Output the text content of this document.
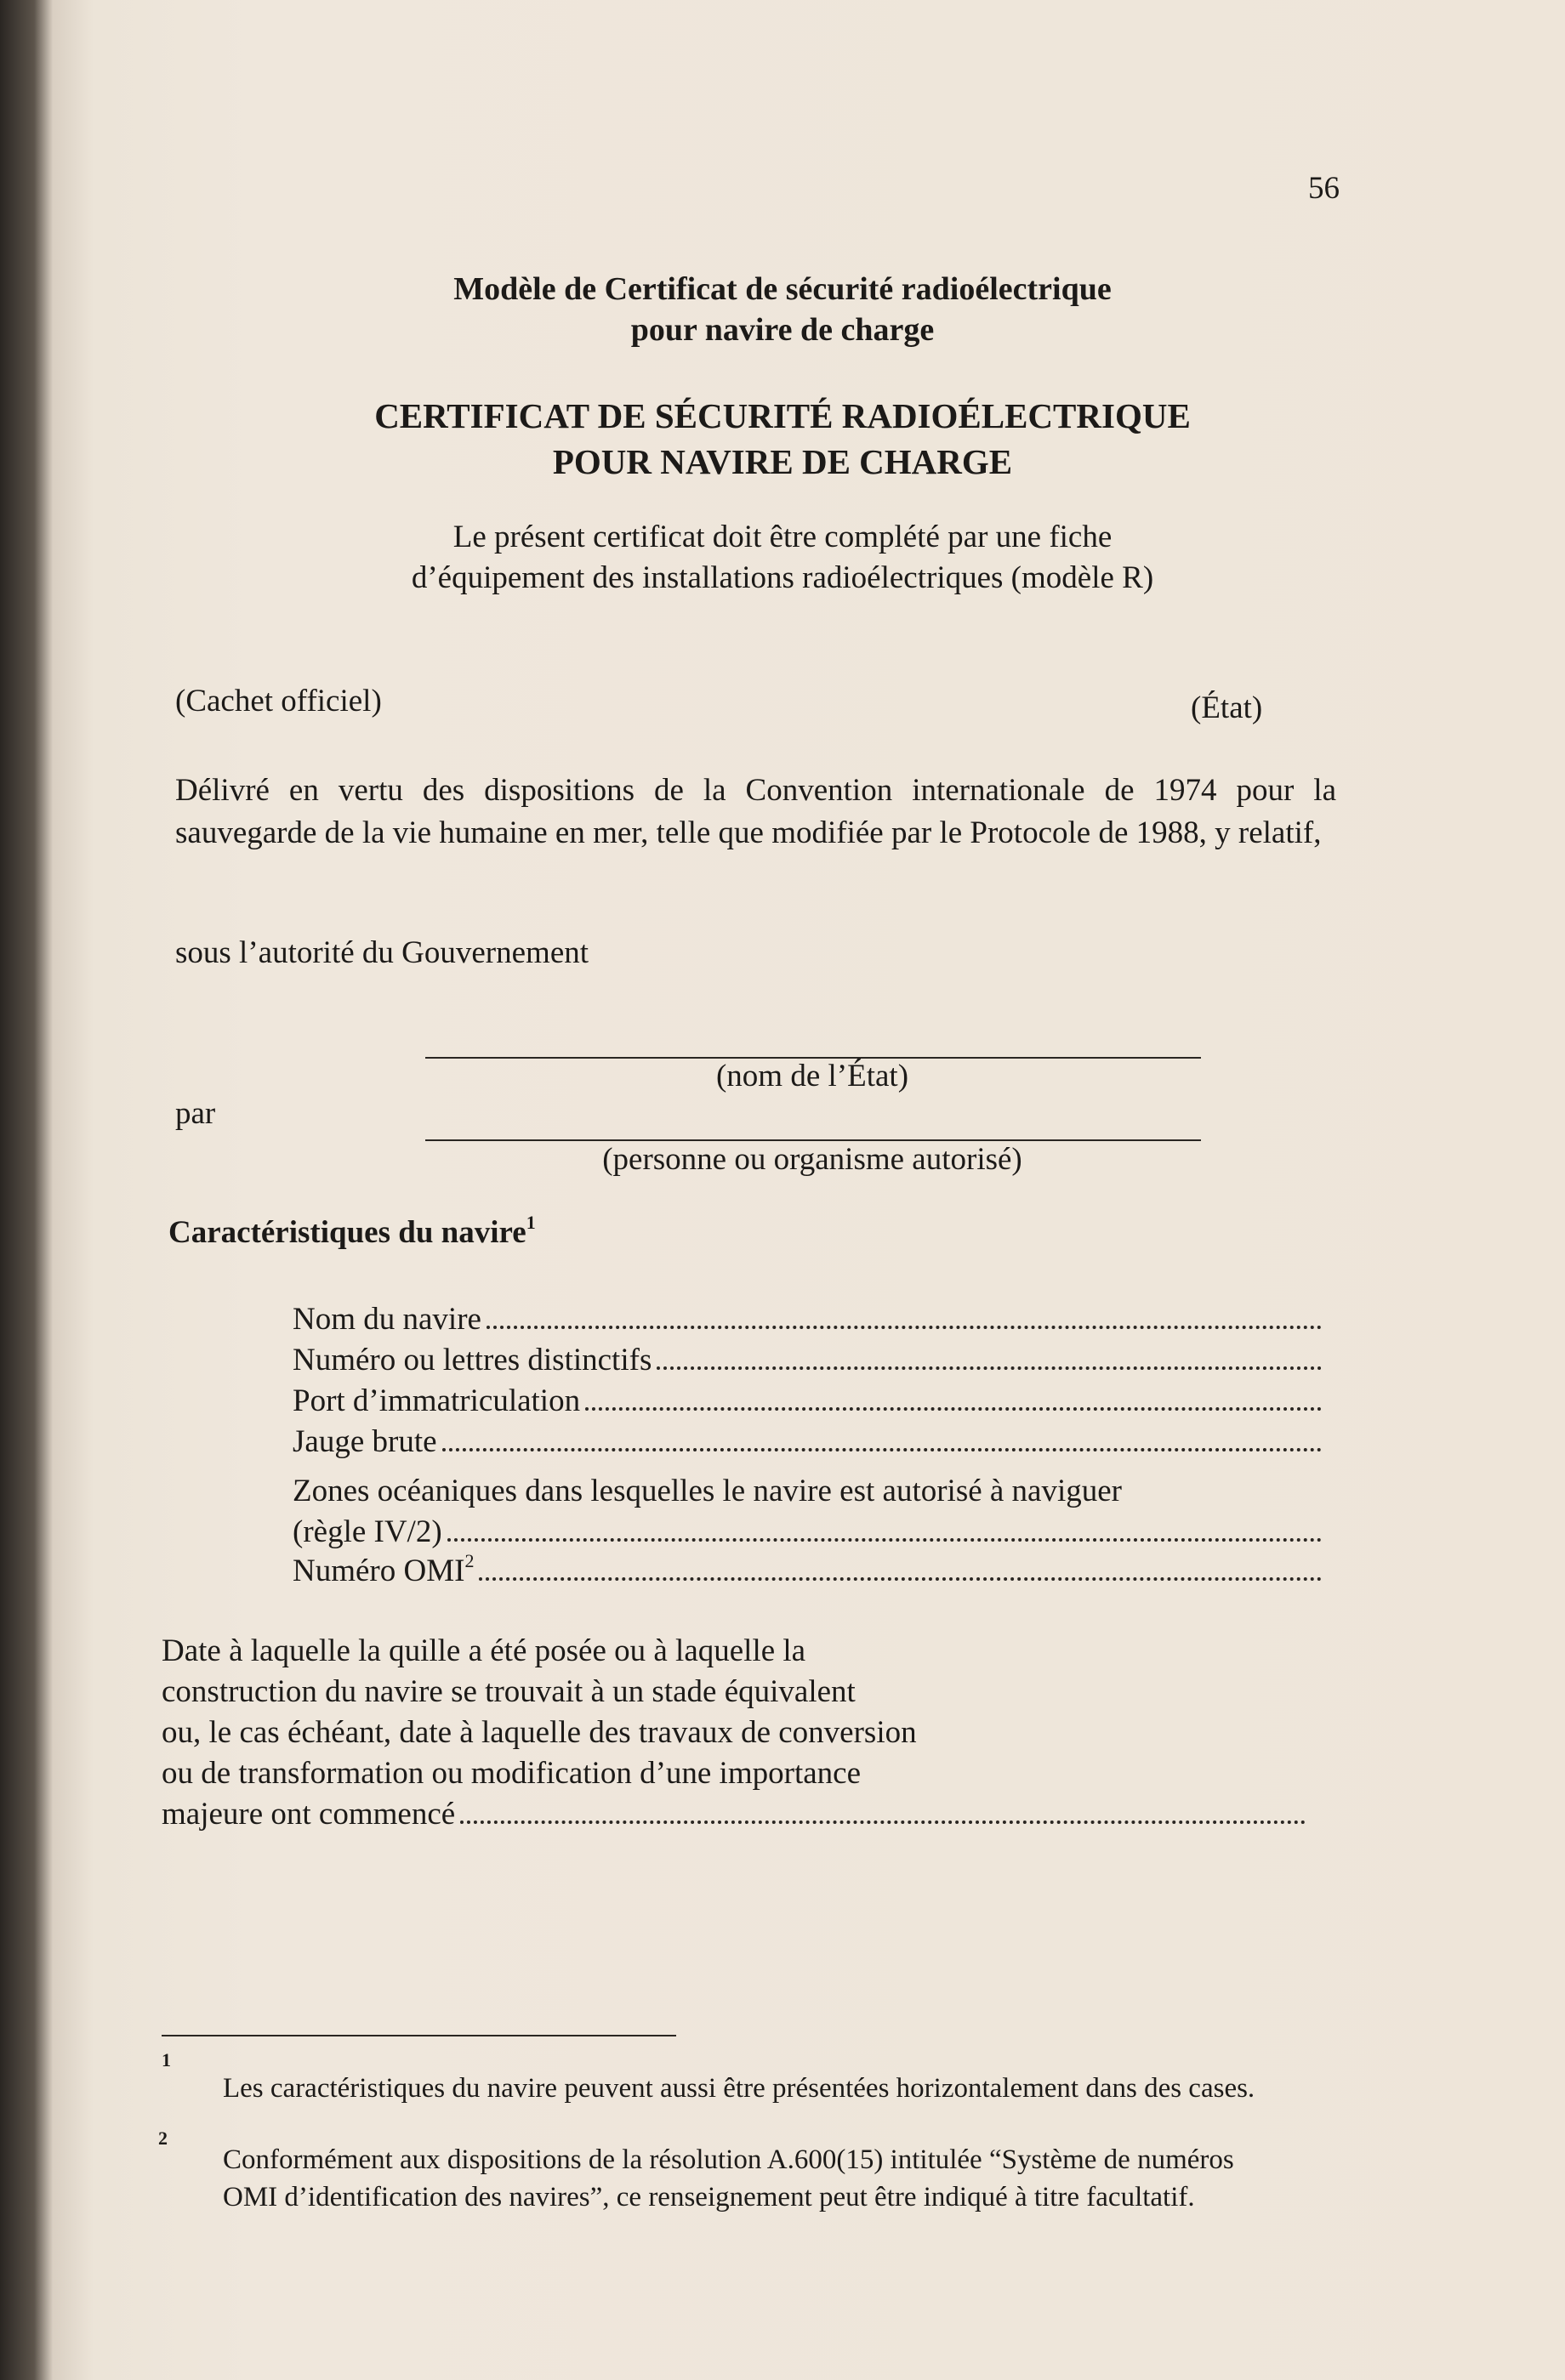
56
Modèle de Certificat de sécurité radioélectrique
pour navire de charge
CERTIFICAT DE SÉCURITÉ RADIOÉLECTRIQUE
POUR NAVIRE DE CHARGE
Le présent certificat doit être complété par une fiche
d’équipement des installations radioélectriques (modèle R)
(Cachet officiel)	(État)
Délivré en vertu des dispositions de la Convention internationale de 1974 pour la sauvegarde de la vie humaine en mer, telle que modifiée par le Protocole de 1988, y relatif,
sous l’autorité du Gouvernement
(nom de l’État)
par
(personne ou organisme autorisé)
Caractéristiques du navire$^1$
Nom du navire
Numéro ou lettres distinctifs
Port d’immatriculation
Jauge brute
Zones océaniques dans lesquelles le navire est autorisé à naviguer
(règle IV/2)
Numéro OMI$^2$
Date à laquelle la quille a été posée ou à laquelle la
construction du navire se trouvait à un stade équivalent
ou, le cas échéant, date à laquelle des travaux de conversion
ou de transformation ou modification d’une importance
majeure ont commencé
1
Les caractéristiques du navire peuvent aussi être présentées horizontalement dans des cases.
2
Conformément aux dispositions de la résolution A.600(15) intitulée “Système de numéros OMI d’identification des navires”, ce renseignement peut être indiqué à titre facultatif.
